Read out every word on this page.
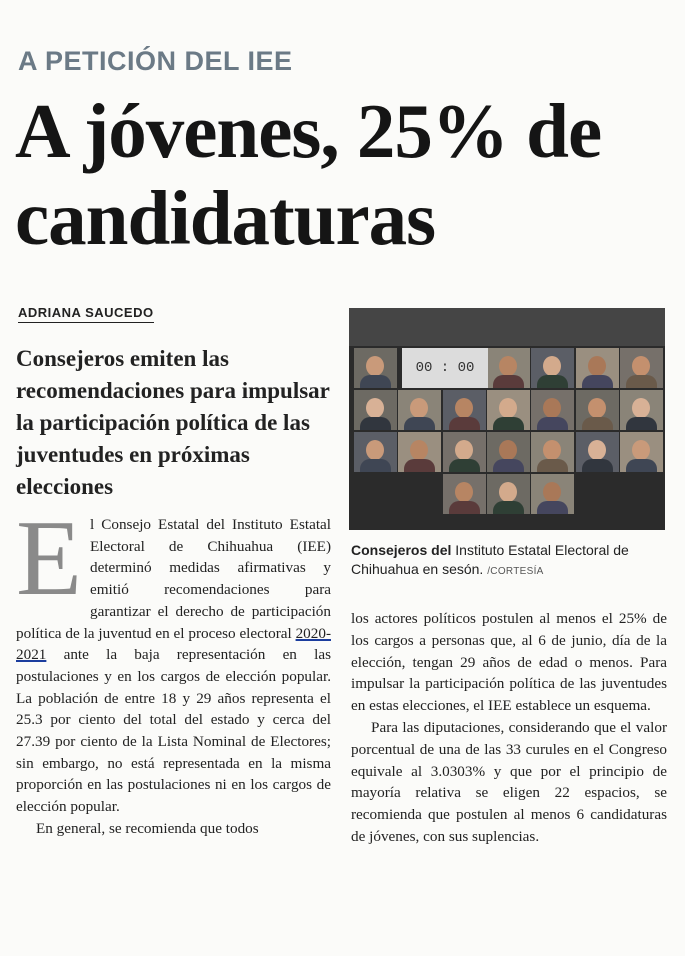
A PETICIÓN DEL IEE
A jóvenes, 25% de candidaturas
ADRIANA SAUCEDO
Consejeros emiten las recomendaciones para impulsar la participación política de las juventudes en próximas elecciones

El Consejo Estatal del Instituto Estatal Electoral de Chihuahua (IEE) determinó medidas afirmativas y emitió recomendaciones para garantizar el derecho de participación política de la juventud en el proceso electoral 2020-2021 ante la baja representación en las postulaciones y en los cargos de elección popular. La población de entre 18 y 29 años representa el 25.3 por ciento del total del estado y cerca del 27.39 por ciento de la Lista Nominal de Electores; sin embargo, no está representada en la misma proporción en las postulaciones ni en los cargos de elección popular.

En general, se recomienda que todos

00 : 00
Consejeros del Instituto Estatal Electoral de Chihuahua en sesón. /CORTESÍA

los actores políticos postulen al menos el 25% de los cargos a personas que, al 6 de junio, día de la elección, tengan 29 años de edad o menos. Para impulsar la participación política de las juventudes en estas elecciones, el IEE establece un esquema.

Para las diputaciones, considerando que el valor porcentual de una de las 33 curules en el Congreso equivale al 3.0303% y que por el principio de mayoría relativa se eligen 22 espacios, se recomienda que postulen al menos 6 candidaturas de jóvenes, con sus suplencias.
